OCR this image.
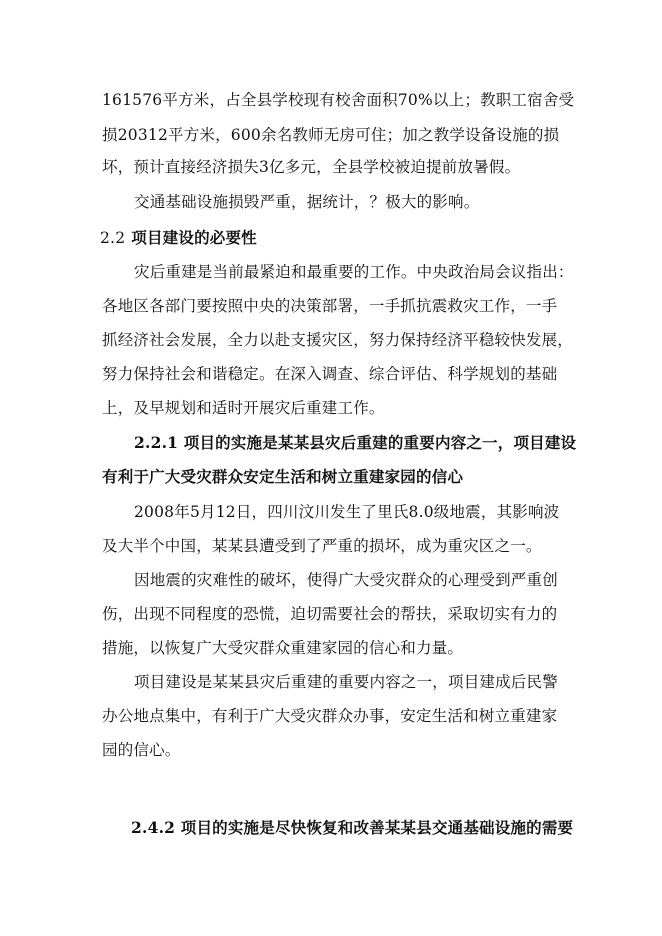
161576平方米，占全县学校现有校舍面积70%以上；教职工宿舍受
损20312平方米，600余名教师无房可住；加之教学设备设施的损
坏，预计直接经济损失3亿多元，全县学校被迫提前放暑假。
交通基础设施损毁严重，据统计，？极大的影响。
2.2 项目建设的必要性
灾后重建是当前最紧迫和最重要的工作。中央政治局会议指出：
各地区各部门要按照中央的决策部署，一手抓抗震救灾工作，一手
抓经济社会发展，全力以赴支援灾区，努力保持经济平稳较快发展，
努力保持社会和谐稳定。在深入调查、综合评估、科学规划的基础
上，及早规划和适时开展灾后重建工作。
2.2.1 项目的实施是某某县灾后重建的重要内容之一，项目建设
有利于广大受灾群众安定生活和树立重建家园的信心
2008年5月12日，四川汶川发生了里氏8.0级地震，其影响波
及大半个中国，某某县遭受到了严重的损坏，成为重灾区之一。
因地震的灾难性的破坏，使得广大受灾群众的心理受到严重创
伤，出现不同程度的恐慌，迫切需要社会的帮扶，采取切实有力的
措施，以恢复广大受灾群众重建家园的信心和力量。
项目建设是某某县灾后重建的重要内容之一，项目建成后民警
办公地点集中，有利于广大受灾群众办事，安定生活和树立重建家
园的信心。
2.4.2 项目的实施是尽快恢复和改善某某县交通基础设施的需要
